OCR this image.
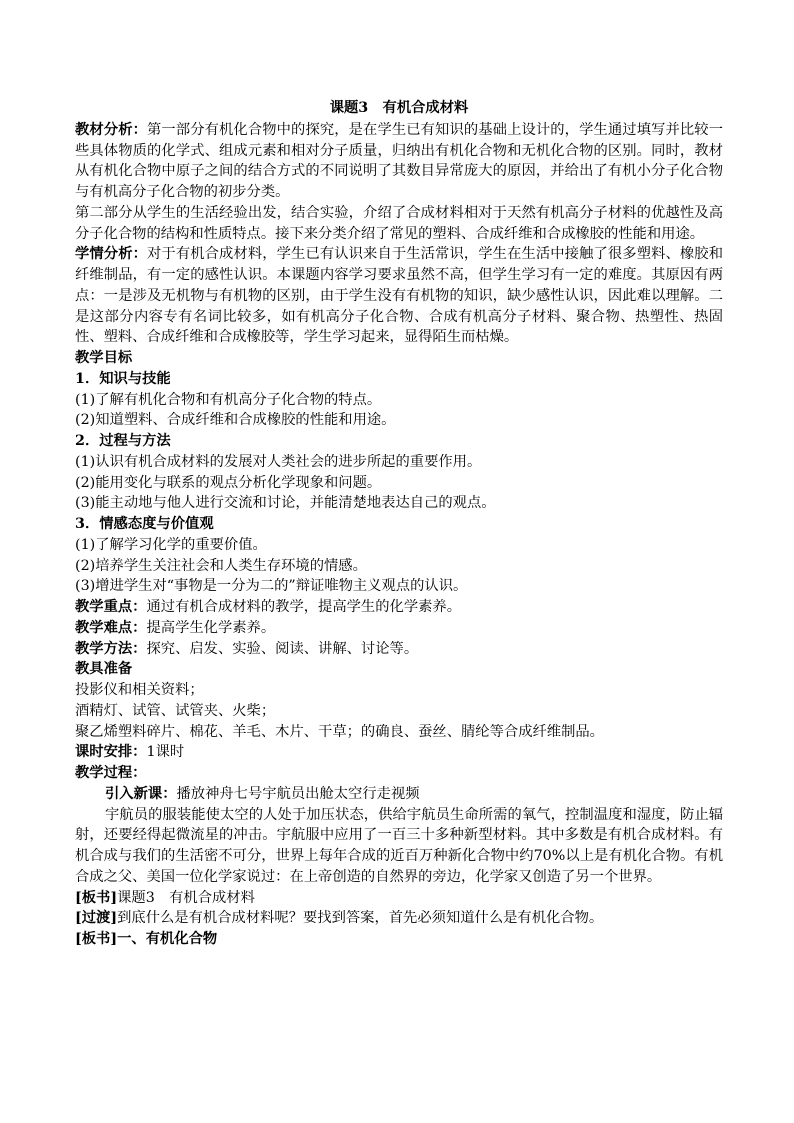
课题3　有机合成材料

教材分析：第一部分有机化合物中的探究，是在学生已有知识的基础上设计的，学生通过填写并比较一些具体物质的化学式、组成元素和相对分子质量，归纳出有机化合物和无机化合物的区别。同时，教材从有机化合物中原子之间的结合方式的不同说明了其数目异常庞大的原因，并给出了有机小分子化合物与有机高分子化合物的初步分类。

第二部分从学生的生活经验出发，结合实验，介绍了合成材料相对于天然有机高分子材料的优越性及高分子化合物的结构和性质特点。接下来分类介绍了常见的塑料、合成纤维和合成橡胶的性能和用途。

学情分析：对于有机合成材料，学生已有认识来自于生活常识，学生在生活中接触了很多塑料、橡胶和纤维制品，有一定的感性认识。本课题内容学习要求虽然不高，但学生学习有一定的难度。其原因有两点：一是涉及无机物与有机物的区别，由于学生没有有机物的知识，缺少感性认识，因此难以理解。二是这部分内容专有名词比较多，如有机高分子化合物、合成有机高分子材料、聚合物、热塑性、热固性、塑料、合成纤维和合成橡胶等，学生学习起来，显得陌生而枯燥。

教学目标

1．知识与技能

(1)了解有机化合物和有机高分子化合物的特点。

(2)知道塑料、合成纤维和合成橡胶的性能和用途。

2．过程与方法

(1)认识有机合成材料的发展对人类社会的进步所起的重要作用。

(2)能用变化与联系的观点分析化学现象和问题。

(3)能主动地与他人进行交流和讨论，并能清楚地表达自己的观点。

3．情感态度与价值观

(1)了解学习化学的重要价值。

(2)培养学生关注社会和人类生存环境的情感。

(3)增进学生对“事物是一分为二的”辩证唯物主义观点的认识。

教学重点：通过有机合成材料的教学，提高学生的化学素养。

教学难点：提高学生化学素养。

教学方法：探究、启发、实验、阅读、讲解、讨论等。

教具准备

投影仪和相关资料；

酒精灯、试管、试管夹、火柴；

聚乙烯塑料碎片、棉花、羊毛、木片、干草；的确良、蚕丝、腈纶等合成纤维制品。

课时安排：1课时

教学过程：

引入新课：播放神舟七号宇航员出舱太空行走视频

宇航员的服装能使太空的人处于加压状态，供给宇航员生命所需的氧气，控制温度和湿度，防止辐射，还要经得起微流星的冲击。宇航服中应用了一百三十多种新型材料。其中多数是有机合成材料。有机合成与我们的生活密不可分，世界上每年合成的近百万种新化合物中约70%以上是有机化合物。有机合成之父、美国一位化学家说过：在上帝创造的自然界的旁边，化学家又创造了另一个世界。

[板书]课题3　有机合成材料

[过渡]到底什么是有机合成材料呢？要找到答案，首先必须知道什么是有机化合物。

[板书]一、有机化合物
